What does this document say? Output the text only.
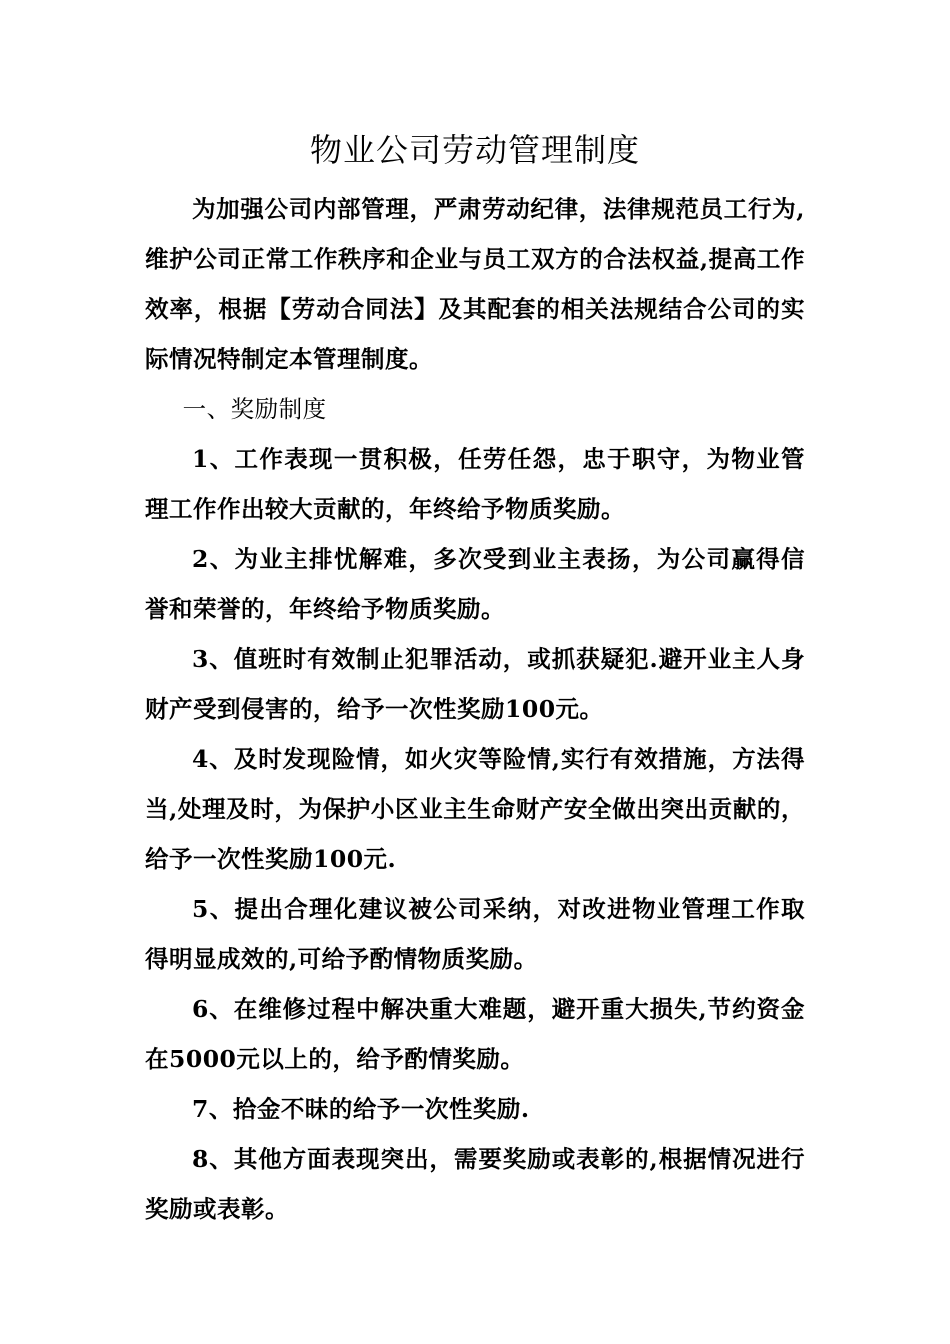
物业公司劳动管理制度

为加强公司内部管理，严肃劳动纪律，法律规范员工行为,维护公司正常工作秩序和企业与员工双方的合法权益,提高工作效率，根据【劳动合同法】及其配套的相关法规结合公司的实际情况特制定本管理制度。

一、奖励制度

1、工作表现一贯积极，任劳任怨，忠于职守，为物业管理工作作出较大贡献的，年终给予物质奖励。

2、为业主排忧解难，多次受到业主表扬，为公司赢得信誉和荣誉的，年终给予物质奖励。

3、值班时有效制止犯罪活动，或抓获疑犯.避开业主人身财产受到侵害的，给予一次性奖励100元。

4、及时发现险情，如火灾等险情,实行有效措施，方法得当,处理及时，为保护小区业主生命财产安全做出突出贡献的，给予一次性奖励100元.

5、提出合理化建议被公司采纳，对改进物业管理工作取得明显成效的,可给予酌情物质奖励。

6、在维修过程中解决重大难题，避开重大损失,节约资金在5000元以上的，给予酌情奖励。

7、拾金不昧的给予一次性奖励.

8、其他方面表现突出，需要奖励或表彰的,根据情况进行奖励或表彰。
